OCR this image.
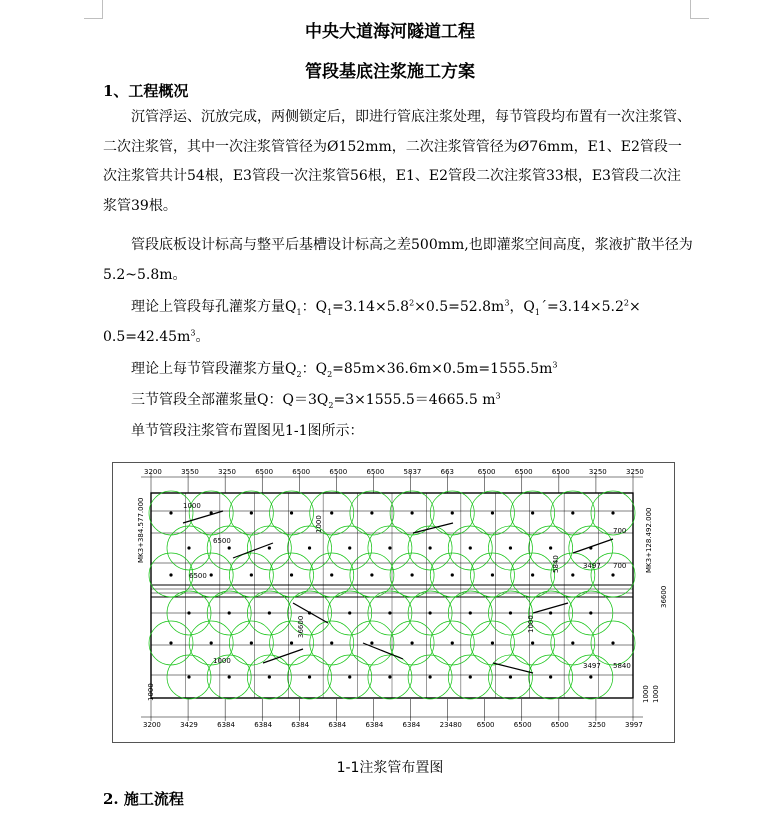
中央大道海河隧道工程
管段基底注浆施工方案
1、工程概况
沉管浮运、沉放完成，两侧锁定后，即进行管底注浆处理，每节管段均布置有一次注浆管、二次注浆管，其中一次注浆管管径为Ø152mm，二次注浆管管径为Ø76mm，E1、E2管段一次注浆管共计54根，E3管段一次注浆管56根，E1、E2管段二次注浆管33根，E3管段二次注浆管39根。
管段底板设计标高与整平后基槽设计标高之差500mm,也即灌浆空间高度，浆液扩散半径为5.2~5.8m。
理论上管段每孔灌浆方量$Q_1$：$Q_1=3.14\times 5.8^2\times 0.5=52.8m^3$，$Q_1´=3.14\times 5.2^2\times$
$0.5=42.45m^3$。
理论上每节管段灌浆方量$Q_2$：$Q_2=85m\times 36.6m\times 0.5m=1555.5m^3$
三节管段全部灌浆量Q：$Q=3Q_2=3\times 1555.5=4665.5$ $m^3$
单节管段注浆管布置图见1-1图所示：
3200	3550	3250	6500	6500	6500	6500	5837	663	6500	6500	6500	3250	3250
3200	3429	6384	6384	6384	6384	6384	6384	23480 6500	6500	6500	3250	3997
MK3+384.577.000	MK3+128.492.000
36600
1000
6500
6500
1000	700
3497 700
3497 5840
5840
36600	1000
1000
1000	1000 1000
1-1注浆管布置图
2. 施工流程
